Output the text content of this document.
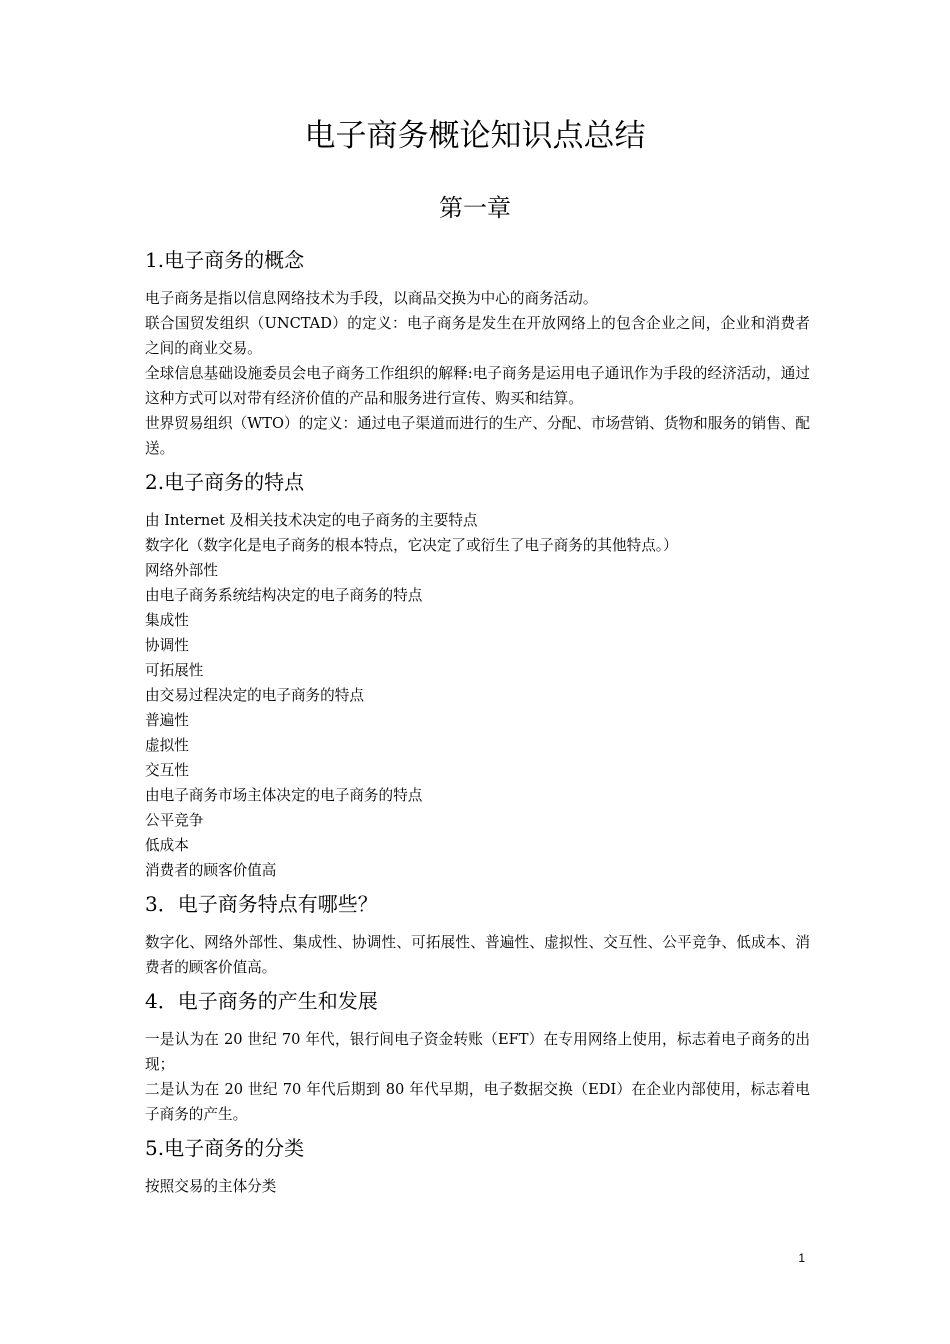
电子商务概论知识点总结
第一章
1.电子商务的概念

电子商务是指以信息网络技术为手段，以商品交换为中心的商务活动。

联合国贸发组织（UNCTAD）的定义：电子商务是发生在开放网络上的包含企业之间，企业和消费者之间的商业交易。

全球信息基础设施委员会电子商务工作组织的解释:电子商务是运用电子通讯作为手段的经济活动，通过这种方式可以对带有经济价值的产品和服务进行宣传、购买和结算。

世界贸易组织（WTO）的定义：通过电子渠道而进行的生产、分配、市场营销、货物和服务的销售、配送。

2.电子商务的特点

由 Internet 及相关技术决定的电子商务的主要特点

数字化（数字化是电子商务的根本特点，它决定了或衍生了电子商务的其他特点。）

网络外部性

由电子商务系统结构决定的电子商务的特点

集成性

协调性

可拓展性

由交易过程决定的电子商务的特点

普遍性

虚拟性

交互性

由电子商务市场主体决定的电子商务的特点

公平竞争

低成本

消费者的顾客价值高

3．电子商务特点有哪些？

数字化、网络外部性、集成性、协调性、可拓展性、普遍性、虚拟性、交互性、公平竞争、低成本、消费者的顾客价值高。

4．电子商务的产生和发展

一是认为在 20 世纪 70 年代，银行间电子资金转账（EFT）在专用网络上使用，标志着电子商务的出现；

二是认为在 20 世纪 70 年代后期到 80 年代早期，电子数据交换（EDI）在企业内部使用，标志着电子商务的产生。

5.电子商务的分类

按照交易的主体分类

1
